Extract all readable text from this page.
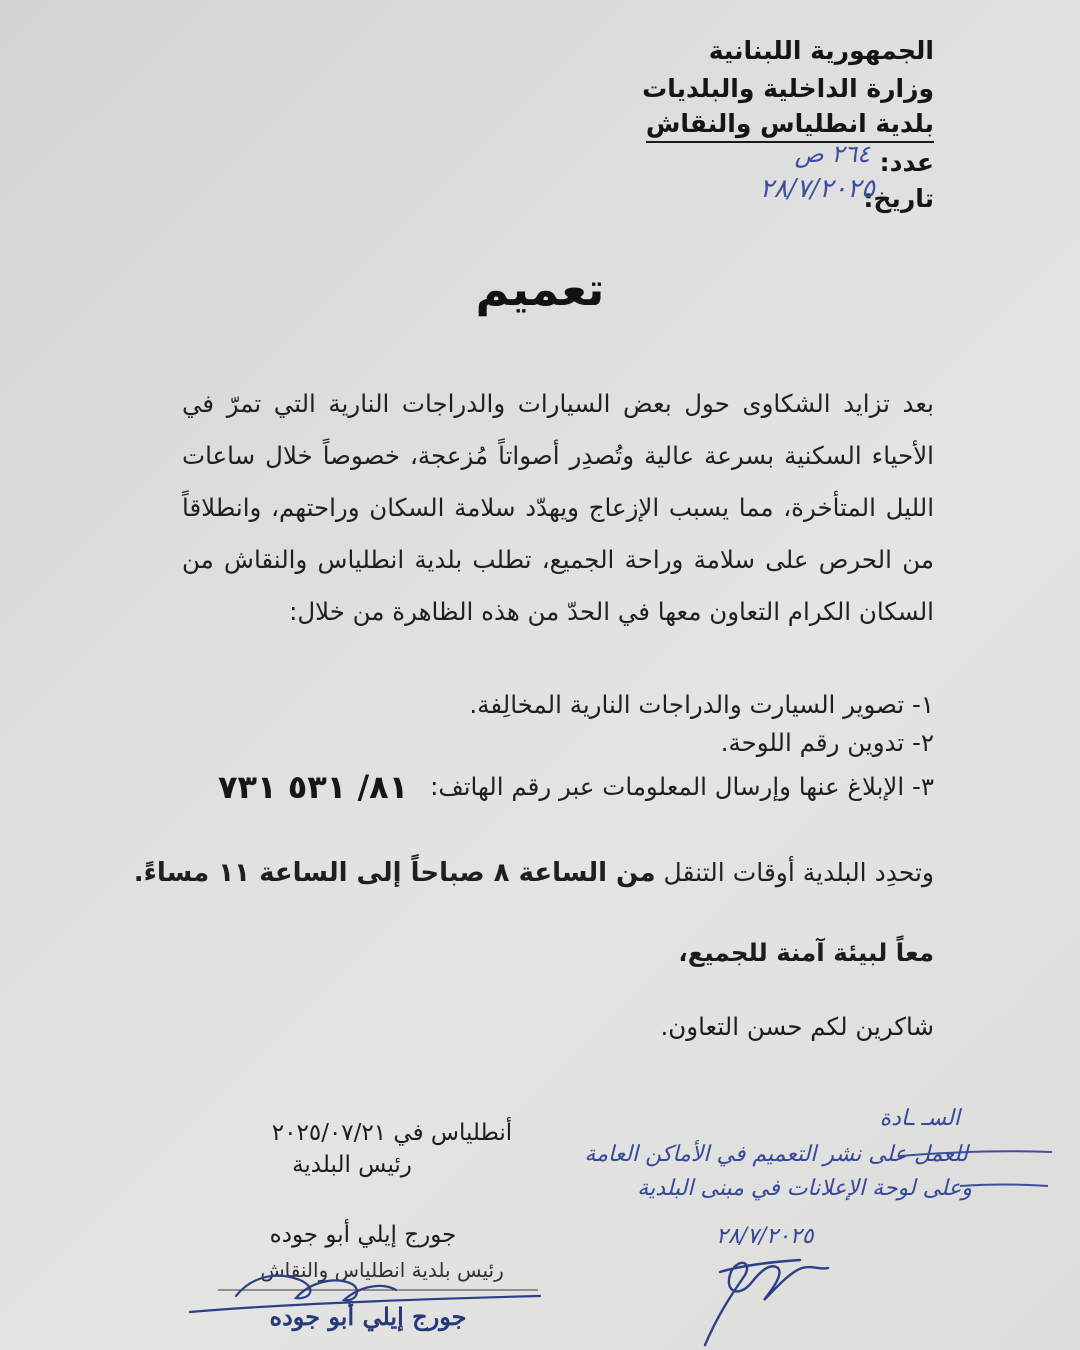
الجمهورية اللبنانية
وزارة الداخلية والبلديات
بلدية انطلياس والنقاش
عدد:
٢٦٤ ص
تاريخ:
٢٨/٧/٢٠٢٥
تعميم
بعد تزايد الشكاوى حول بعض السيارات والدراجات النارية التي تمرّ في الأحياء السكنية بسرعة عالية وتُصدِر أصواتاً مُزعجة، خصوصاً خلال ساعات الليل المتأخرة، مما يسبب الإزعاج ويهدّد سلامة السكان وراحتهم، وانطلاقاً من الحرص على سلامة وراحة الجميع، تطلب بلدية انطلياس والنقاش من السكان الكرام التعاون معها في الحدّ من هذه الظاهرة من خلال:
١- تصوير السيارت والدراجات النارية المخالِفة.
٢- تدوين رقم اللوحة.
٣- الإبلاغ عنها وإرسال المعلومات عبر رقم الهاتف:
٨١/ ٥٣١ ٧٣١
وتحدِد البلدية أوقات التنقل من الساعة ٨ صباحاً إلى الساعة ١١ مساءً.
معاً لبيئة آمنة للجميع،
شاكرين لكم حسن التعاون.
أنطلياس في ٢٠٢٥/٠٧/٢١
رئيس البلدية
جورج إيلي أبو جوده
رئيس بلدية انطلياس والنقاش
جورج إيلي أبو جوده
السـ ـادة
للعمل على نشر التعميم في الأماكن العامة
وعلى لوحة الإعلانات في مبنى البلدية
٢٨/٧/٢٠٢٥
